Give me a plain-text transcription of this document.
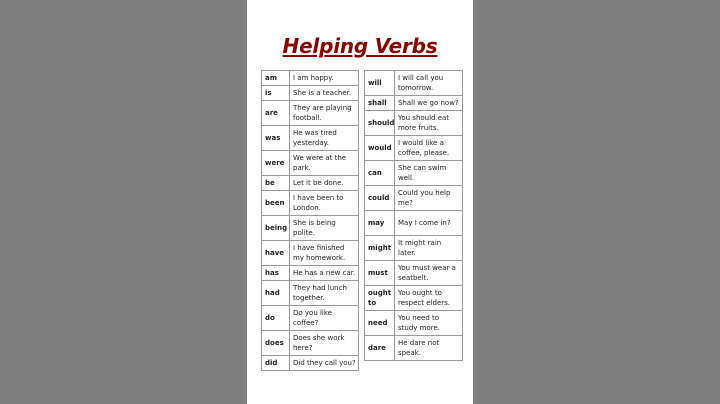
Helping Verbs
am	I am happy.
is	She is a teacher.
are	They are playing football.
was	He was tired yesterday.
were	We were at the park.
be	Let it be done.
been	I have been to London.
being	She is being polite.
have	I have finished my homework.
has	He has a new car.
had	They had lunch together.
do	Do you like coffee?
does	Does she work here?
did	Did they call you?
will	I will call you tomorrow.
shall	Shall we go now?
should	You should eat more fruits.
would	I would like a coffee, please.
can	She can swim well.
could	Could you help me?
may	May I come in?
might	It might rain later.
must	You must wear a seatbelt.
ought to	You ought to respect elders.
need	You need to study more.
dare	He dare not speak.
